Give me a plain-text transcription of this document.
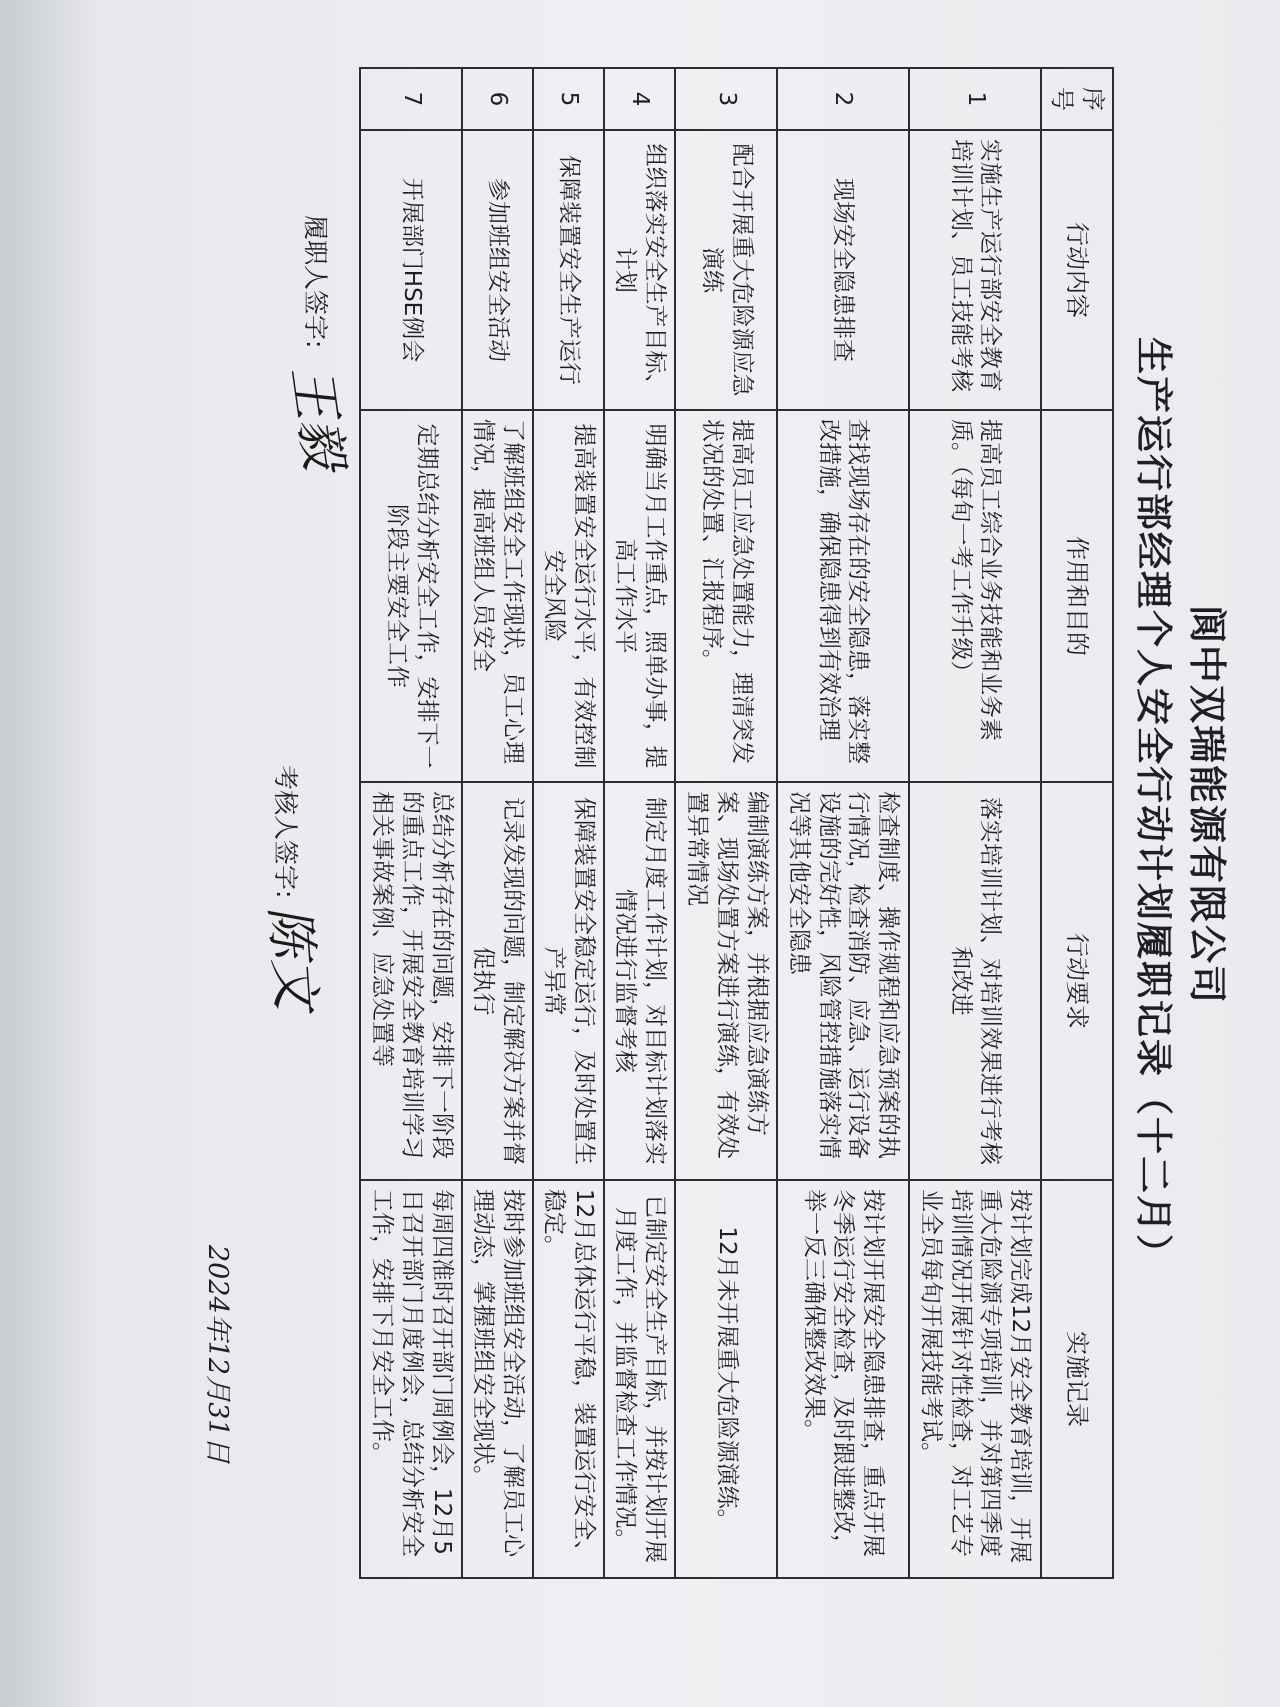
阆中双瑞能源有限公司
生产运行部经理个人安全行动计划履职记录（十二月）
序号	行动内容	作用和目的	行动要求	实施记录
1	实施生产运行部安全教育培训计划、员工技能考核	提高员工综合业务技能和业务素质。（每旬一考工作升级）	落实培训计划、对培训效果进行考核和改进	按计划完成12月安全教育培训，开展重大危险源专项培训，并对第四季度培训情况开展针对性检查，对工艺专业全员每旬开展技能考试。
2	现场安全隐患排查	查找现场存在的安全隐患，落实整改措施，确保隐患得到有效治理	检查制度、操作规程和应急预案的执行情况，检查消防、应急、运行设备设施的完好性，风险管控措施落实情况等其他安全隐患	按计划开展安全隐患排查，重点开展冬季运行安全检查，及时跟进整改，举一反三确保整改效果。
3	配合开展重大危险源应急演练	提高员工应急处置能力，理清突发状况的处置、汇报程序。	编制演练方案，并根据应急演练方案、现场处置方案进行演练，有效处置异常情况	12月未开展重大危险源演练。
4	组织落实安全生产目标、计划	明确当月工作重点，照单办事，提高工作水平	制定月度工作计划，对目标计划落实情况进行监督考核	已制定安全生产目标，并按计划开展月度工作，并监督检查工作情况。
5	保障装置安全生产运行	提高装置安全运行水平，有效控制安全风险	保障装置安全稳定运行，及时处置生产异常	12月总体运行平稳，装置运行安全、稳定。
6	参加班组安全活动	了解班组安全工作现状，员工心理情况，提高班组人员安全	记录发现的问题，制定解决方案并督促执行	按时参加班组安全活动，了解员工心理动态，掌握班组安全现状。
7	开展部门HSE例会	定期总结分析安全工作，安排下一阶段主要安全工作	总结分析存在的问题，安排下一阶段的重点工作，开展安全教育培训学习相关事故案例、应急处置等	每周四准时召开部门周例会，12月5日召开部门月度例会，总结分析安全工作，安排下月安全工作。
履职人签字:
王毅
考核人签字:
陈文
2024年12月31日
